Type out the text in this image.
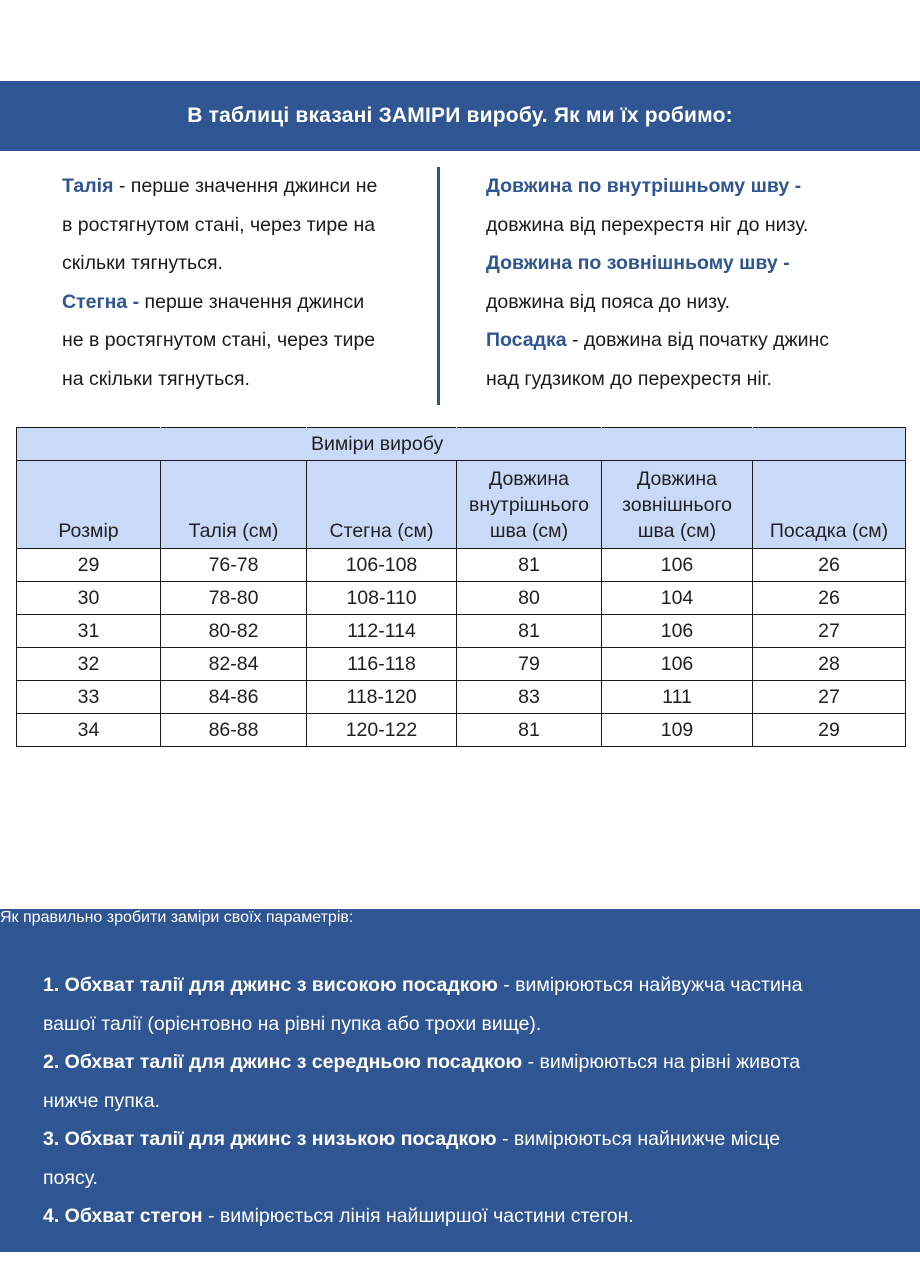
В таблиці вказані ЗАМІРИ виробу. Як ми їх робимо:
Талія - перше значення джинси не
в ростягнутом стані, через тире на
скільки тягнуться.
Стегна - перше значення джинси
не в ростягнутом стані, через тире
на скільки тягнуться.
Довжина по внутрішньому шву -
довжина від перехрестя ніг до низу.
Довжина по зовнішньому шву -
довжина від пояса до низу.
Посадка - довжина від початку джинс
над гудзиком до перехрестя ніг.
		Виміри виробу			

Розмір	Талія (см)	Стегна (см)	Довжина
внутрішнього
шва (см)	Довжина
зовнішнього
шва (см)	Посадка (см)

29	76-78	106-108	81	106	26
30	78-80	108-110	80	104	26
31	80-82	112-114	81	106	27
32	82-84	116-118	79	106	28
33	84-86	118-120	83	111	27
34	86-88	120-122	81	109	29
Як правильно зробити заміри своїх параметрів:
1. Обхват талії для джинс з високою посадкою - вимірюються найвужча частина
вашої талії (орієнтовно на рівні пупка або трохи вище).
2. Обхват талії для джинс з середньою посадкою - вимірюються на рівні живота
нижче пупка.
3. Обхват талії для джинс з низькою посадкою - вимірюються найнижче місце
поясу.
4. Обхват стегон - вимірюється лінія найширшої частини стегон.
